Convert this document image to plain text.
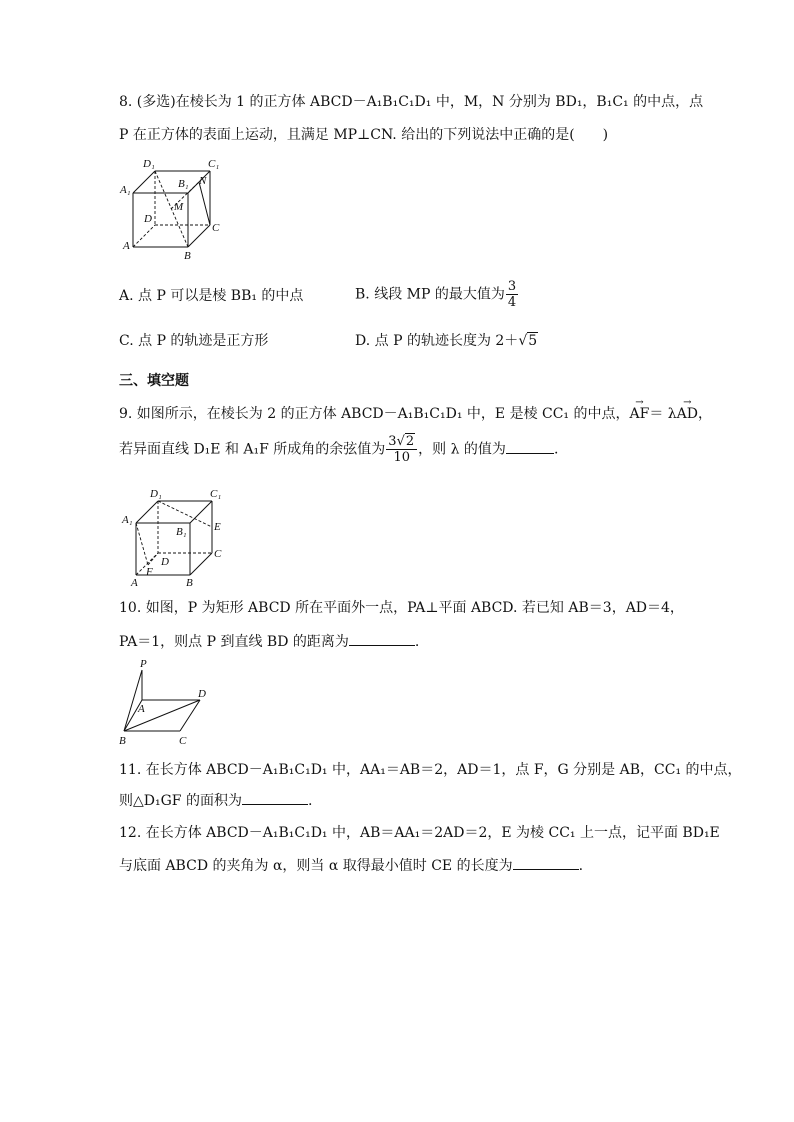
8. (多选)在棱长为 1 的正方体 ABCD－A₁B₁C₁D₁ 中，M，N 分别为 BD₁，B₁C₁ 的中点，点
P 在正方体的表面上运动，且满足 MP⊥CN. 给出的下列说法中正确的是(　　)
D₁	C₁
A₁	B₁ N
M
D
C
A
B
A. 点 P 可以是棱 BB₁ 的中点	B. 线段 MP 的最大值为 $\frac{3}{4}$
C. 点 P 的轨迹是正方形	D. 点 P 的轨迹长度为 2＋√5
三、填空题
9. 如图所示，在棱长为 2 的正方体 ABCD－A₁B₁C₁D₁ 中，E 是棱 CC₁ 的中点，→ AF＝ λ→ AD，
若异面直线 D₁E 和 A₁F 所成角的余弦值为 $\frac{3√2}{10}$ ，则 λ 的值为	.
D₁	C₁
A₁
B₁ E
D
C
F
A	B
10. 如图，P 为矩形 ABCD 所在平面外一点，PA⊥平面 ABCD. 若已知 AB＝3，AD＝4，
PA＝1，则点 P 到直线 BD 的距离为	.
P
D
A
B	C
11. 在长方体 ABCD－A₁B₁C₁D₁ 中，AA₁＝AB＝2，AD＝1，点 F，G 分别是 AB，CC₁ 的中点，
则△D₁GF 的面积为	.
12. 在长方体 ABCD－A₁B₁C₁D₁ 中，AB＝AA₁＝2AD＝2，E 为棱 CC₁ 上一点，记平面 BD₁E
与底面 ABCD 的夹角为 α，则当 α 取得最小值时 CE 的长度为	.
